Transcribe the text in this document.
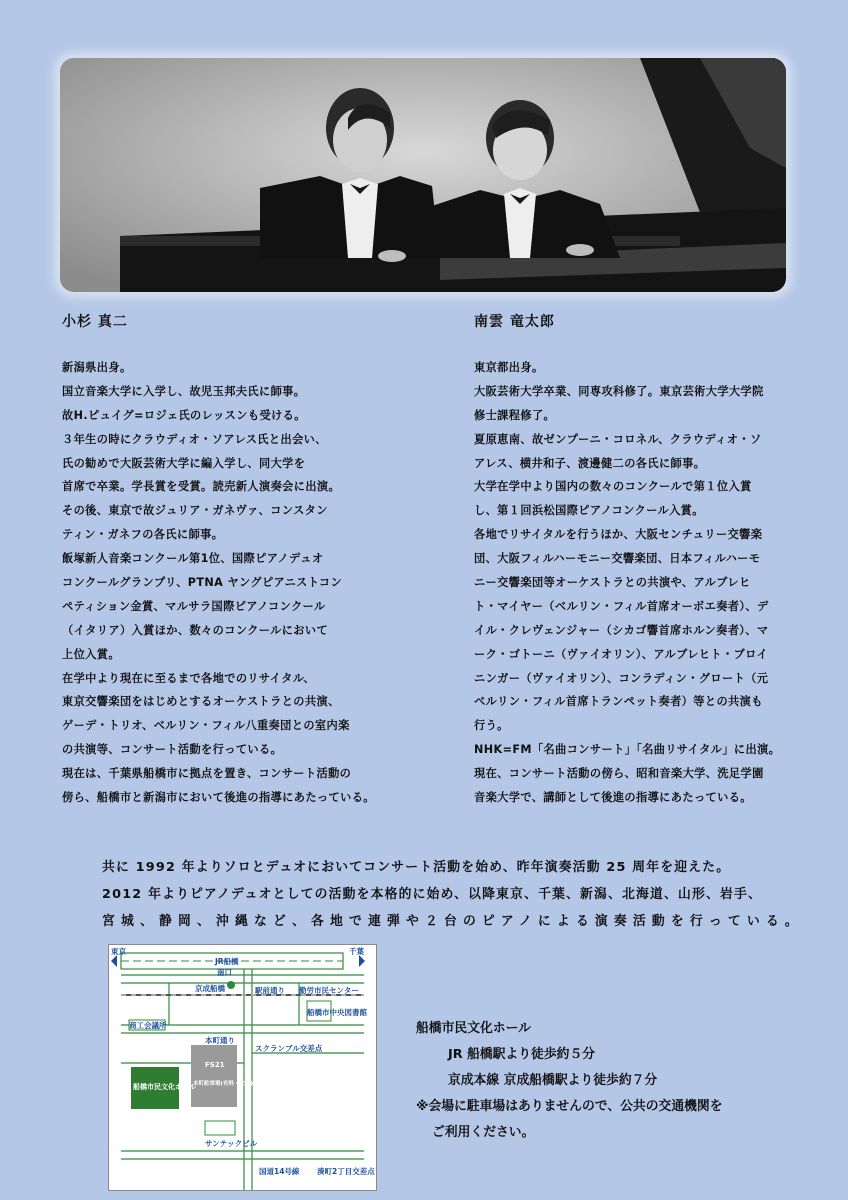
小杉 真二	南雲 竜太郎
新潟県出身。
国立音楽大学に入学し、故児玉邦夫氏に師事。
故H.ピュイグ=ロジェ氏のレッスンも受ける。
３年生の時にクラウディオ・ソアレス氏と出会い、
氏の勧めで大阪芸術大学に編入学し、同大学を
首席で卒業。学長賞を受賞。読売新人演奏会に出演。
その後、東京で故ジュリア・ガネヴァ、コンスタン
ティン・ガネフの各氏に師事。
飯塚新人音楽コンクール第1位、国際ピアノデュオ
コンクールグランプリ、PTNA ヤングピアニストコン
ペティション金賞、マルサラ国際ピアノコンクール
（イタリア）入賞ほか、数々のコンクールにおいて
上位入賞。
在学中より現在に至るまで各地でのリサイタル、
東京交響楽団をはじめとするオーケストラとの共演、
ゲーデ・トリオ、ベルリン・フィル八重奏団との室内楽
の共演等、コンサート活動を行っている。
現在は、千葉県船橋市に拠点を置き、コンサート活動の
傍ら、船橋市と新潟市において後進の指導にあたっている。
東京都出身。
大阪芸術大学卒業、同専攻科修了。東京芸術大学大学院
修士課程修了。
夏原恵南、故ゼンプーニ・コロネル、クラウディオ・ソ
アレス、横井和子、渡邊健二の各氏に師事。
大学在学中より国内の数々のコンクールで第１位入賞
し、第１回浜松国際ピアノコンクール入賞。
各地でリサイタルを行うほか、大阪センチュリー交響楽
団、大阪フィルハーモニー交響楽団、日本フィルハーモ
ニー交響楽団等オーケストラとの共演や、アルブレヒ
ト・マイヤー（ベルリン・フィル首席オーボエ奏者）、デ
イル・クレヴェンジャー（シカゴ響首席ホルン奏者）、マ
ーク・ゴトーニ（ヴァイオリン）、アルブレヒト・ブロイ
ニンガー（ヴァイオリン）、コンラディン・グロート（元
ベルリン・フィル首席トランペット奏者）等との共演も
行う。
NHK=FM「名曲コンサート」「名曲リサイタル」に出演。
現在、コンサート活動の傍ら、昭和音楽大学、洗足学園
音楽大学で、講師として後進の指導にあたっている。
共に 1992 年よりソロとデュオにおいてコンサート活動を始め、昨年演奏活動 25 周年を迎えた。
2012 年よりピアノデュオとしての活動を本格的に始め、以降東京、千葉、新潟、北海道、山形、岩手、
宮城、静岡、沖縄など、各地で連弾や２台のピアノによる演奏活動を行っている。
東京	千葉
JR船橋
南口
京成船橋	駅前通り 勤労市民センター
商工会議所
船橋市中央図書館
本町通り
スクランブル交差点
湊町2丁目交差点
国道14号線
サンテックビル
船橋市民文化ホール
FS21
本町駐車場(有料・立体)
船橋市民文化ホール
JR 船橋駅より徒歩約５分
京成本線 京成船橋駅より徒歩約７分
※会場に駐車場はありませんので、公共の交通機関を
ご利用ください。
